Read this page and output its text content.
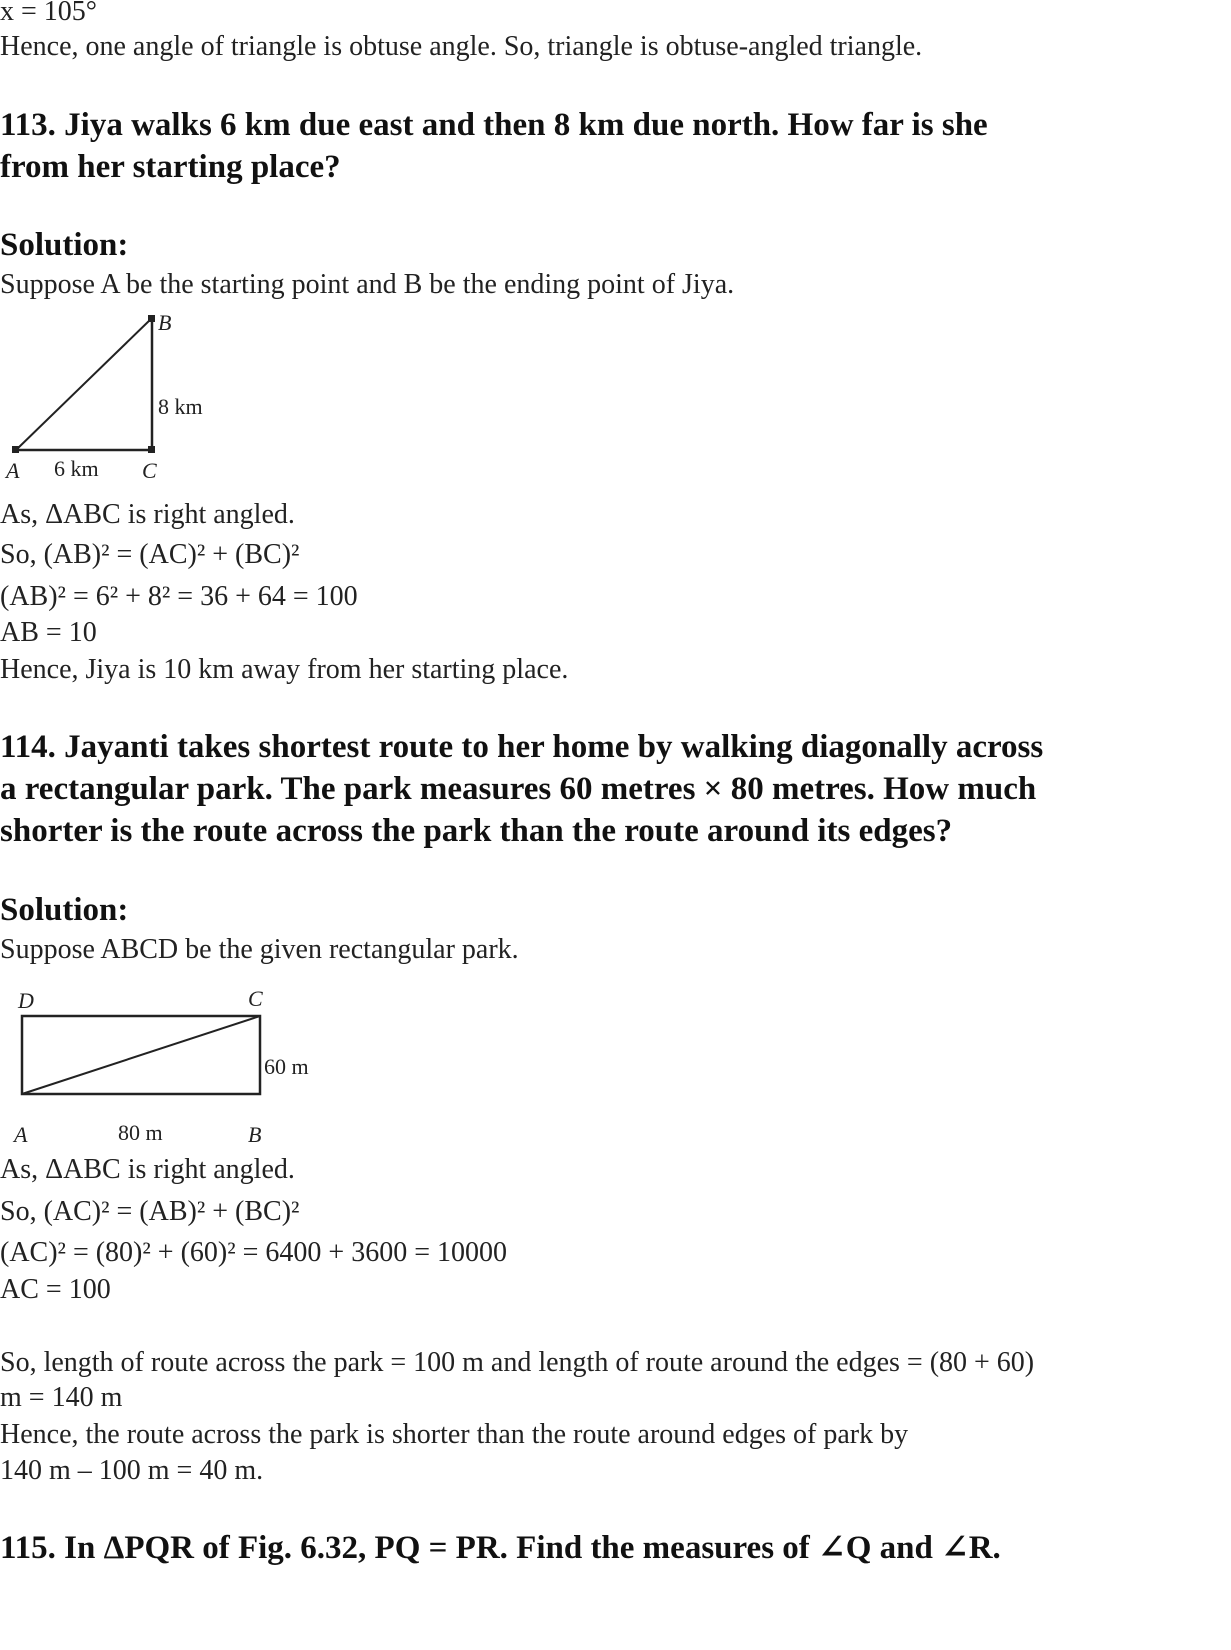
x = 105°
Hence, one angle of triangle is obtuse angle. So, triangle is obtuse-angled triangle.
113. Jiya walks 6 km due east and then 8 km due north. How far is she
from her starting place?
Solution:
Suppose A be the starting point and B be the ending point of Jiya.
B
A	C
6 km
8 km
As, ΔABC is right angled.
So, (AB)² = (AC)² + (BC)²
(AB)² = 6² + 8² = 36 + 64 = 100
AB = 10
Hence, Jiya is 10 km away from her starting place.
114. Jayanti takes shortest route to her home by walking diagonally across
a rectangular park. The park measures 60 metres × 80 metres. How much
shorter is the route across the park than the route around its edges?
Solution:
Suppose ABCD be the given rectangular park.
D	C
A	B
80 m
60 m
As, ΔABC is right angled.
So, (AC)² = (AB)² + (BC)²
(AC)² = (80)² + (60)² = 6400 + 3600 = 10000
AC = 100
So, length of route across the park = 100 m and length of route around the edges = (80 + 60)
m = 140 m
Hence, the route across the park is shorter than the route around edges of park by
140 m – 100 m = 40 m.
115. In ΔPQR of Fig. 6.32, PQ = PR. Find the measures of ∠Q and ∠R.
